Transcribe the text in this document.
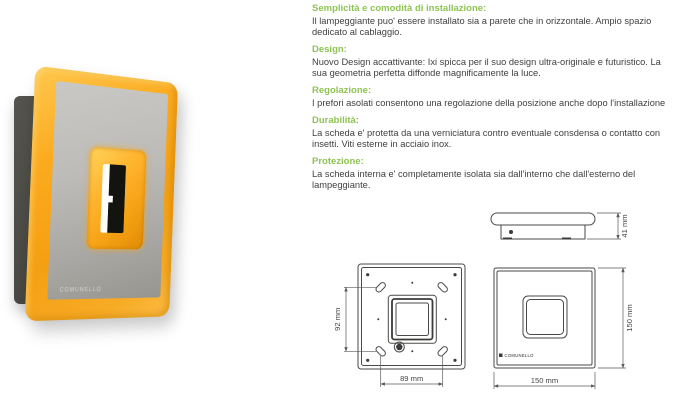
COMUNELLO
Semplicità e comodità di installazione:

Il lampeggiante puo' essere installato sia a parete che in orizzontale. Ampio spazio dedicato al cablaggio.

Design:

Nuovo Design accattivante: Ixi spicca per il suo design ultra-originale e futuristico. La sua geometria perfetta diffonde magnificamente la luce.

Regolazione:

I prefori asolati consentono una regolazione della posizione anche dopo l'installazione

Durabilità:

La scheda e' protetta da una verniciatura contro eventuale consdensa o contatto con insetti. Viti esterne in acciaio inox.

Protezione:

La scheda interna e' completamente isolata sia dall'interno che dall'esterno del lampeggiante.

41 mm
92 mm
89 mm
COMUNELLO
150 mm
150 mm
